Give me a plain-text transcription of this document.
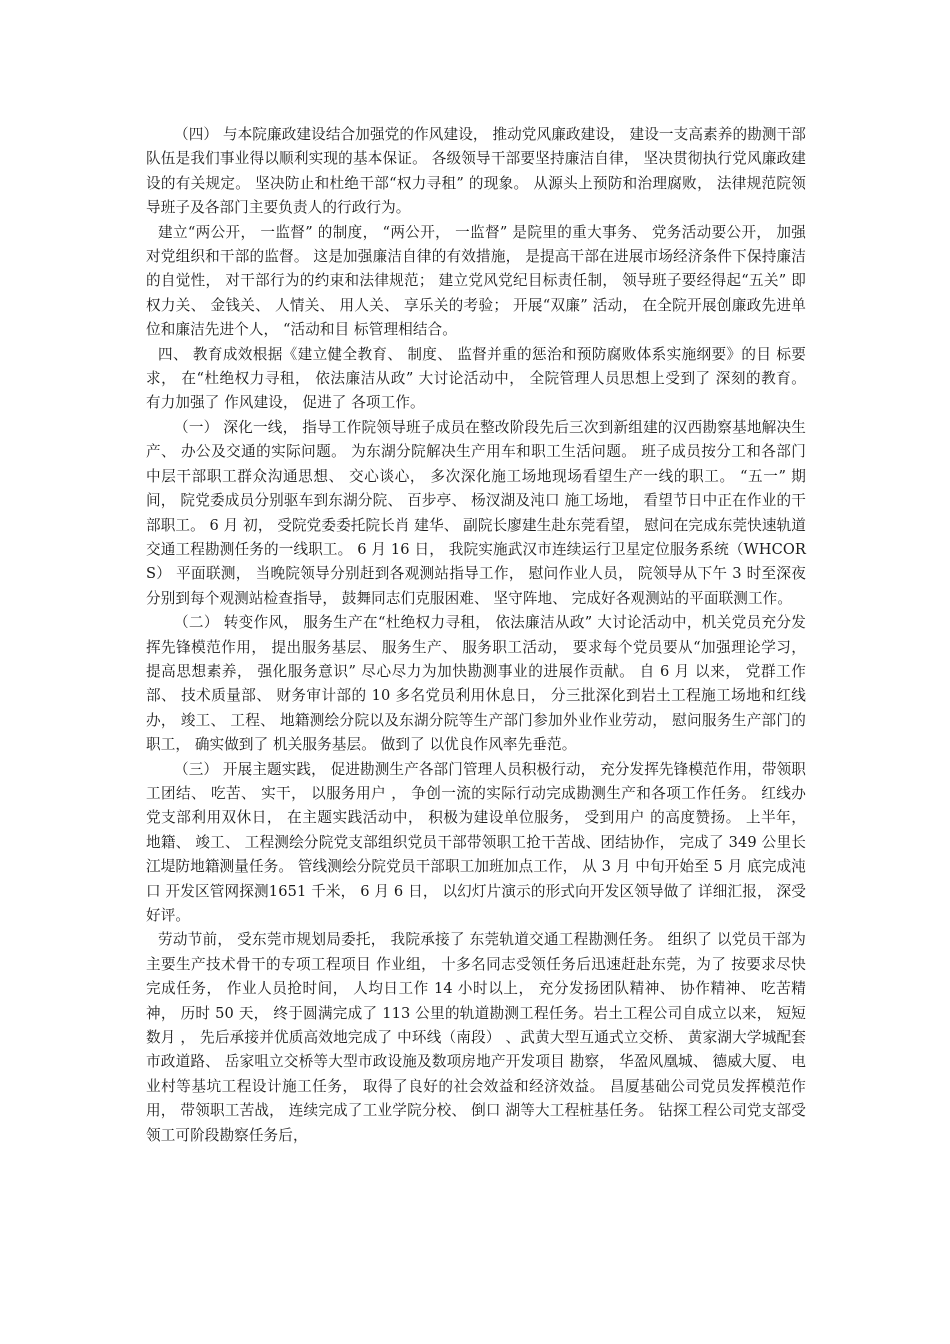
（四） 与本院廉政建设结合加强党的作风建设， 推动党风廉政建设， 建设一支高素养的勘测干部队伍是我们事业得以顺利实现的基本保证。 各级领导干部要坚持廉洁自律， 坚决贯彻执行党风廉政建设的有关规定。 坚决防止和杜绝干部“权力寻租” 的现象。 从源头上预防和治理腐败， 法律规范院领导班子及各部门主要负责人的行政行为。

建立“两公开， 一监督” 的制度， “两公开， 一监督” 是院里的重大事务、 党务活动要公开， 加强对党组织和干部的监督。 这是加强廉洁自律的有效措施， 是提高干部在进展市场经济条件下保持廉洁的自觉性， 对干部行为的约束和法律规范； 建立党风党纪目标责任制， 领导班子要经得起“五关” 即权力关、 金钱关、 人情关、 用人关、 享乐关的考验； 开展“双廉” 活动， 在全院开展创廉政先进单位和廉洁先进个人， “活动和目 标管理相结合。

四、 教育成效根据《建立健全教育、 制度、 监督并重的惩治和预防腐败体系实施纲要》的目 标要求， 在“杜绝权力寻租， 依法廉洁从政” 大讨论活动中， 全院管理人员思想上受到了 深刻的教育。 有力加强了 作风建设， 促进了 各项工作。

（一） 深化一线， 指导工作院领导班子成员在整改阶段先后三次到新组建的汉西勘察基地解决生产、 办公及交通的实际问题。 为东湖分院解决生产用车和职工生活问题。 班子成员按分工和各部门中层干部职工群众沟通思想、 交心谈心， 多次深化施工场地现场看望生产一线的职工。 “五一” 期间， 院党委成员分别驱车到东湖分院、 百步亭、 杨汊湖及沌口 施工场地， 看望节日中正在作业的干部职工。 6 月 初， 受院党委委托院长肖 建华、 副院长廖建生赴东莞看望， 慰问在完成东莞快速轨道交通工程勘测任务的一线职工。 6 月 16 日， 我院实施武汉市连续运行卫星定位服务系统（WHCORS） 平面联测， 当晚院领导分别赶到各观测站指导工作， 慰问作业人员， 院领导从下午 3 时至深夜分别到每个观测站检查指导， 鼓舞同志们克服困难、 坚守阵地、 完成好各观测站的平面联测工作。

（二） 转变作风， 服务生产在“杜绝权力寻租， 依法廉洁从政” 大讨论活动中，机关党员充分发挥先锋模范作用， 提出服务基层、 服务生产、 服务职工活动， 要求每个党员要从“加强理论学习， 提高思想素养， 强化服务意识” 尽心尽力为加快勘测事业的进展作贡献。 自 6 月 以来， 党群工作部、 技术质量部、 财务审计部的 10 多名党员利用休息日， 分三批深化到岩土工程施工场地和红线办， 竣工、 工程、 地籍测绘分院以及东湖分院等生产部门参加外业作业劳动， 慰问服务生产部门的职工， 确实做到了 机关服务基层。 做到了 以优良作风率先垂范。

（三） 开展主题实践， 促进勘测生产各部门管理人员积极行动， 充分发挥先锋模范作用，带领职工团结、 吃苦、 实干， 以服务用户 ， 争创一流的实际行动完成勘测生产和各项工作任务。 红线办党支部利用双休日， 在主题实践活动中， 积极为建设单位服务， 受到用户 的高度赞扬。 上半年， 地籍、 竣工、 工程测绘分院党支部组织党员干部带领职工抢干苦战、团结协作， 完成了 349 公里长江堤防地籍测量任务。 管线测绘分院党员干部职工加班加点工作， 从 3 月 中旬开始至 5 月 底完成沌口 开发区管网探测1651 千米， 6 月 6 日， 以幻灯片演示的形式向开发区领导做了 详细汇报， 深受好评。

劳动节前， 受东莞市规划局委托， 我院承接了 东莞轨道交通工程勘测任务。 组织了 以党员干部为主要生产技术骨干的专项工程项目 作业组， 十多名同志受领任务后迅速赶赴东莞，为了 按要求尽快完成任务， 作业人员抢时间， 人均日工作 14 小时以上， 充分发扬团队精神、 协作精神、 吃苦精神， 历时 50 天， 终于圆满完成了 113 公里的轨道勘测工程任务。岩土工程公司自成立以来， 短短数月 ， 先后承接并优质高效地完成了 中环线（南段） 、武黄大型互通式立交桥、 黄家湖大学城配套市政道路、 岳家咀立交桥等大型市政设施及数项房地产开发项目 勘察， 华盈风凰城、 德威大厦、 电业村等基坑工程设计施工任务， 取得了良好的社会效益和经济效益。 昌厦基础公司党员发挥模范作用， 带领职工苦战， 连续完成了工业学院分校、 倒口 湖等大工程桩基任务。 钻探工程公司党支部受领工可阶段勘察任务后，
